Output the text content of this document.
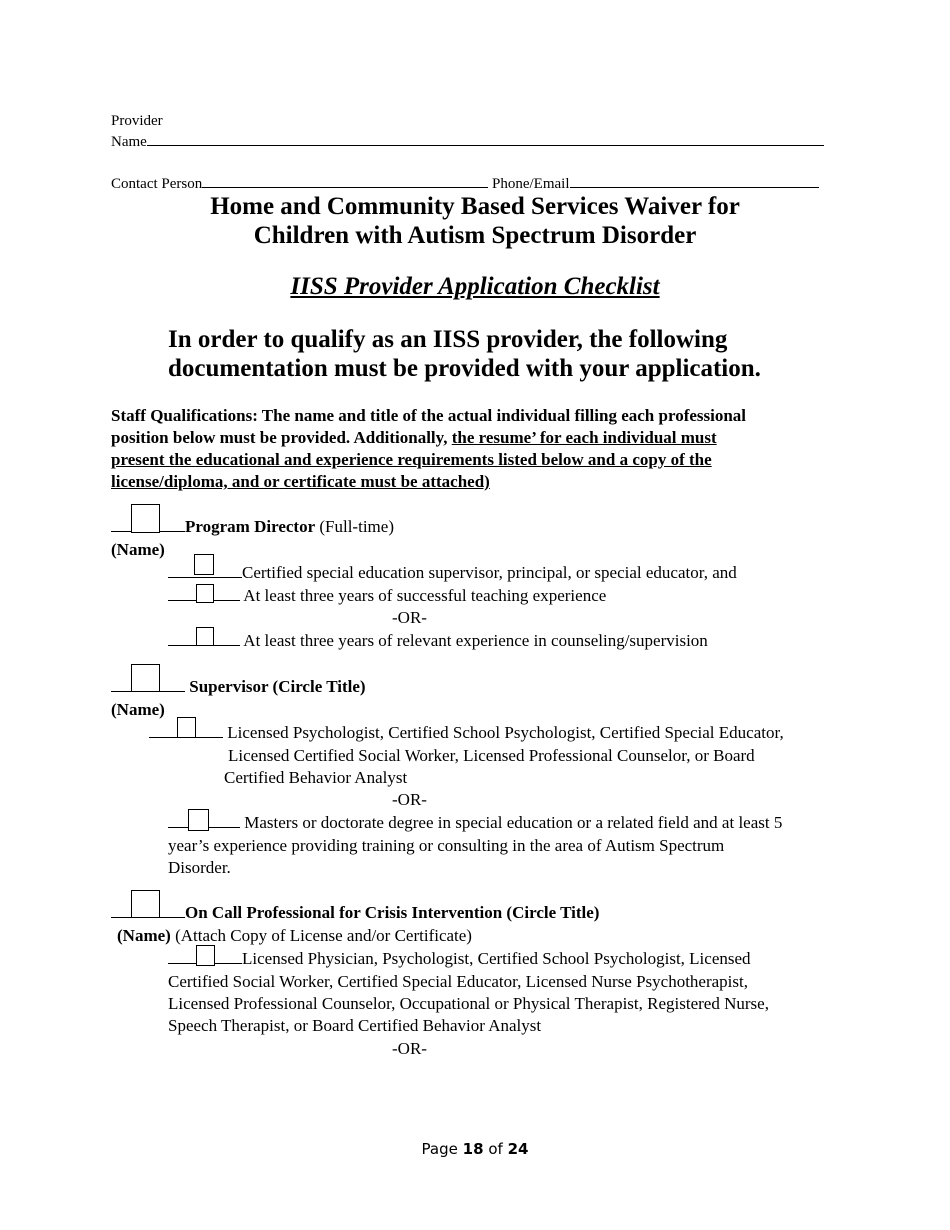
Provider
Name
Contact Person	Phone/Email
Home and Community Based Services Waiver for
Children with Autism Spectrum Disorder
IISS Provider Application Checklist
In order to qualify as an IISS provider, the following
documentation must be provided with your application.
Staff Qualifications: The name and title of the actual individual filling each professional
position below must be provided. Additionally, the resume’ for each individual must
present the educational and experience requirements listed below and a copy of the
license/diploma, and or certificate must be attached)
Program Director (Full-time)
(Name)
Certified special education supervisor, principal, or special educator, and
At least three years of successful teaching experience
-OR-
At least three years of relevant experience in counseling/supervision
Supervisor (Circle Title)
(Name)
Licensed Psychologist, Certified School Psychologist, Certified Special Educator,
Licensed Certified Social Worker, Licensed Professional Counselor, or Board
Certified Behavior Analyst
-OR-
Masters or doctorate degree in special education or a related field and at least 5
year’s experience providing training or consulting in the area of Autism Spectrum
Disorder.
On Call Professional for Crisis Intervention (Circle Title)
(Name) (Attach Copy of License and/or Certificate)
Licensed Physician, Psychologist, Certified School Psychologist, Licensed
Certified Social Worker, Certified Special Educator, Licensed Nurse Psychotherapist,
Licensed Professional Counselor, Occupational or Physical Therapist, Registered Nurse,
Speech Therapist, or Board Certified Behavior Analyst
-OR-
Page 18 of 24
